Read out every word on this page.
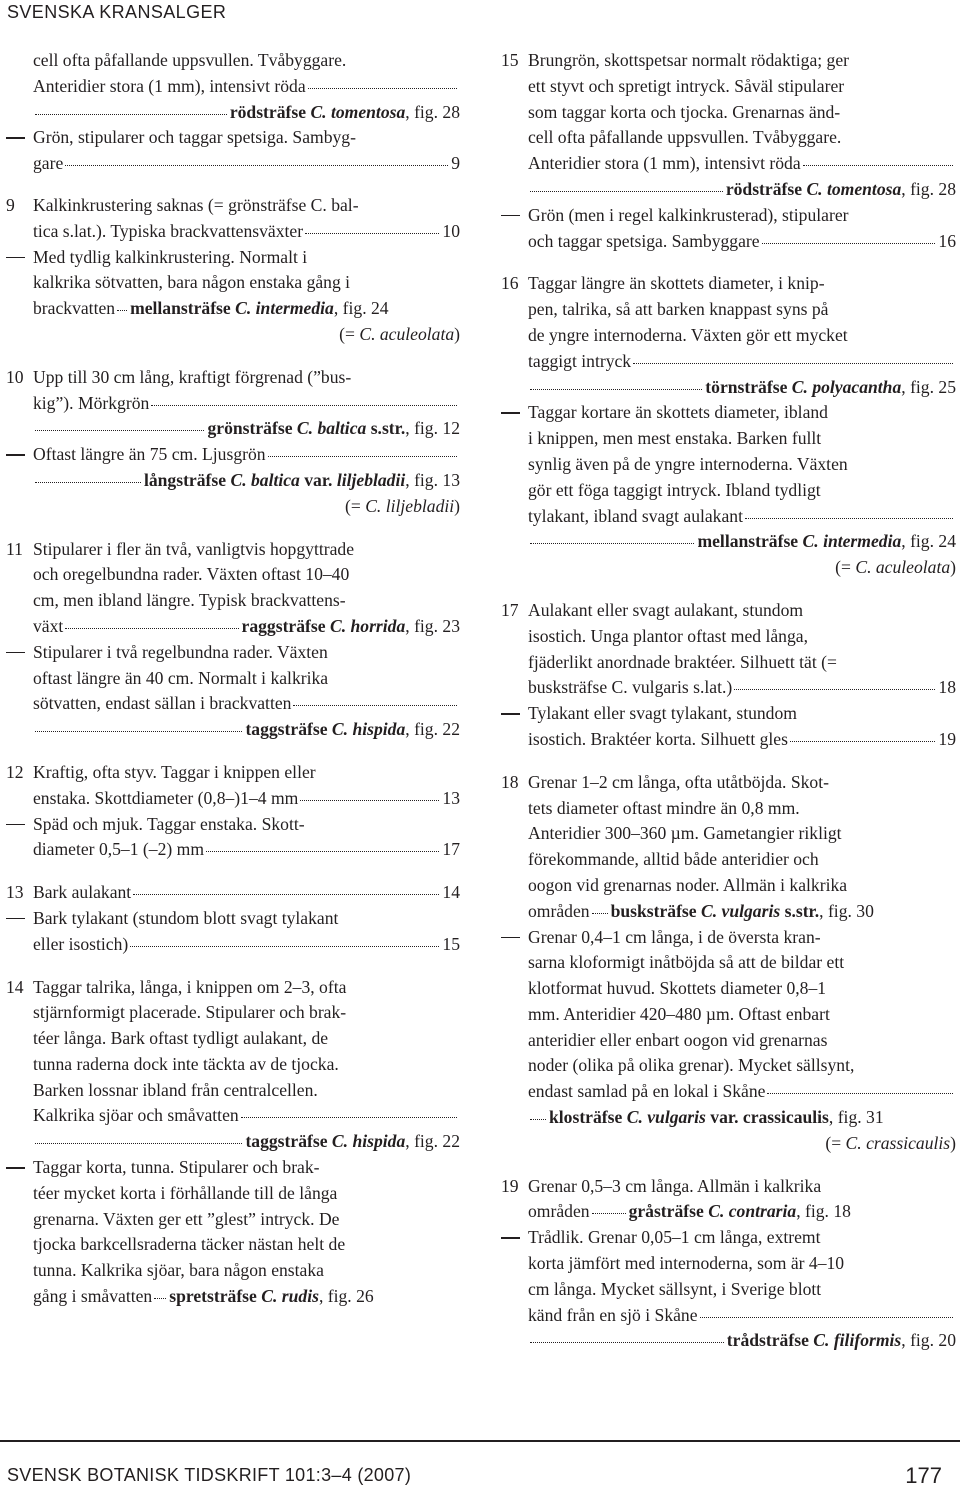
SVENSKA KRANSALGER
cell ofta påfallande uppsvullen. Tvåbyggare.
Anteridier stora (1 mm), intensivt röda
rödsträfse C. tomentosa , fig. 28
Grön, stipularer och taggar spetsiga. Sambyg-
gare	9
9 Kalkinkrustering saknas (= grönsträfse C. bal-
tica s.lat.). Typiska brackvattensväxter	10
Med tydlig kalkinkrustering. Normalt i
kalkrika sötvatten, bara någon enstaka gång i
brackvatten mellansträfse C. intermedia , fig. 24
(= C. aculeolata)
10 Upp till 30 cm lång, kraftigt förgrenad (”bus-
kig”). Mörkgrön
grönsträfse C. baltica s.str. , fig. 12
Oftast längre än 75 cm. Ljusgrön
långsträfse C. baltica var. liljebladii , fig. 13
(= C. liljebladii)
11 Stipularer i fler än två, vanligtvis hopgyttrade
och oregelbundna rader. Växten oftast 10–40
cm, men ibland längre. Typisk brackvattens-
växt	raggsträfse C. horrida , fig. 23
Stipularer i två regelbundna rader. Växten
oftast längre än 40 cm. Normalt i kalkrika
sötvatten, endast sällan i brackvatten
taggsträfse C. hispida , fig. 22
12 Kraftig, ofta styv. Taggar i knippen eller
enstaka. Skottdiameter (0,8–)1–4 mm	13
Späd och mjuk. Taggar enstaka. Skott-
diameter 0,5–1 (–2) mm	17
13 Bark aulakant	14
Bark tylakant (stundom blott svagt tylakant
eller isostich)	15
14 Taggar talrika, långa, i knippen om 2–3, ofta
stjärnformigt placerade. Stipularer och brak-
téer långa. Bark oftast tydligt aulakant, de
tunna raderna dock inte täckta av de tjocka.
Barken lossnar ibland från centralcellen.
Kalkrika sjöar och småvatten
taggsträfse C. hispida , fig. 22
Taggar korta, tunna. Stipularer och brak-
téer mycket korta i förhållande till de långa
grenarna. Växten ger ett ”glest” intryck. De
tjocka barkcellsraderna täcker nästan helt de
tunna. Kalkrika sjöar, bara någon enstaka
gång i småvatten spretsträfse C. rudis , fig. 26
15 Brungrön, skottspetsar normalt rödaktiga; ger
ett styvt och spretigt intryck. Såväl stipularer
som taggar korta och tjocka. Grenarnas änd-
cell ofta påfallande uppsvullen. Tvåbyggare.
Anteridier stora (1 mm), intensivt röda
rödsträfse C. tomentosa , fig. 28
Grön (men i regel kalkinkrusterad), stipularer
och taggar spetsiga. Sambyggare	16
16 Taggar längre än skottets diameter, i knip-
pen, talrika, så att barken knappast syns på
de yngre internoderna. Växten gör ett mycket
taggigt intryck
törnsträfse C. polyacantha , fig. 25
Taggar kortare än skottets diameter, ibland
i knippen, men mest enstaka. Barken fullt
synlig även på de yngre internoderna. Växten
gör ett föga taggigt intryck. Ibland tydligt
tylakant, ibland svagt aulakant
mellansträfse C. intermedia , fig. 24
(= C. aculeolata)
17 Aulakant eller svagt aulakant, stundom
isostich. Unga plantor oftast med långa,
fjäderlikt anordnade braktéer. Silhuett tät (=
busksträfse C. vulgaris s.lat.)	18
Tylakant eller svagt tylakant, stundom
isostich. Braktéer korta. Silhuett gles	19
18 Grenar 1–2 cm långa, ofta utåtböjda. Skot-
tets diameter oftast mindre än 0,8 mm.
Anteridier 300–360 µm. Gametangier rikligt
förekommande, alltid både anteridier och
oogon vid grenarnas noder. Allmän i kalkrika
områden busksträfse C. vulgaris s.str. , fig. 30
Grenar 0,4–1 cm långa, i de översta kran-
sarna kloformigt inåtböjda så att de bildar ett
klotformat huvud. Skottets diameter 0,8–1
mm. Anteridier 420–480 µm. Oftast enbart
anteridier eller enbart oogon vid grenarnas
noder (olika på olika grenar). Mycket sällsynt,
endast samlad på en lokal i Skåne
klosträfse C. vulgaris var. crassicaulis , fig. 31
(= C. crassicaulis)
19 Grenar 0,5–3 cm långa. Allmän i kalkrika
områden gråsträfse C. contraria , fig. 18
Trådlik. Grenar 0,05–1 cm långa, extremt
korta jämfört med internoderna, som är 4–10
cm långa. Mycket sällsynt, i Sverige blott
känd från en sjö i Skåne
trådsträfse C. filiformis , fig. 20
SVENSK BOTANISK TIDSKRIFT 101:3–4 (2007)	177
